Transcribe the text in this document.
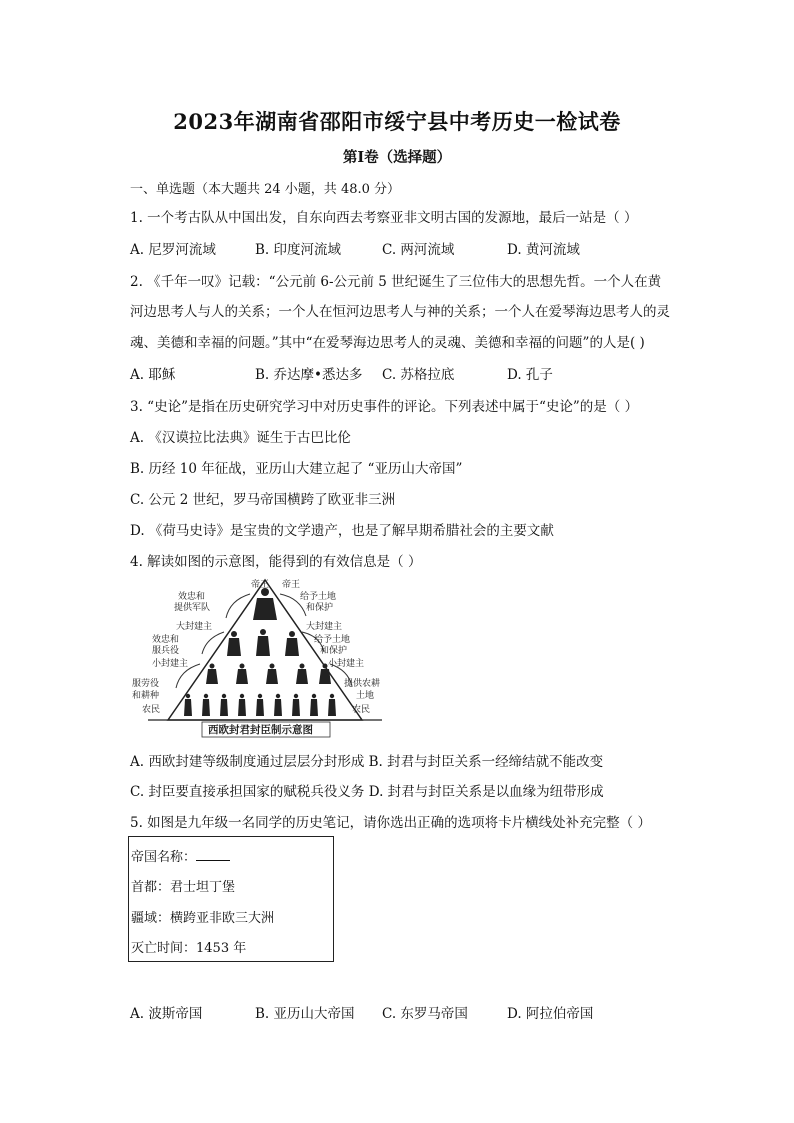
2023年湖南省邵阳市绥宁县中考历史一检试卷
第Ⅰ卷（选择题）
一、单选题（本大题共 24 小题，共 48.0 分）
1. 一个考古队从中国出发，自东向西去考察亚非文明古国的发源地，最后一站是（ ）
A. 尼罗河流域	B. 印度河流域	C. 两河流域	D. 黄河流域
2. 《千年一叹》记载：“公元前 6-公元前 5 世纪诞生了三位伟大的思想先哲。一个人在黄
河边思考人与人的关系；一个人在恒河边思考人与神的关系；一个人在爱琴海边思考人的灵
魂、美德和幸福的问题。”其中“在爱琴海边思考人的灵魂、美德和幸福的问题”的人是( )
A. 耶稣	B. 乔达摩•悉达多 C. 苏格拉底	D. 孔子
3. “史论”是指在历史研究学习中对历史事件的评论。下列表述中属于“史论”的是（ ）
A. 《汉谟拉比法典》诞生于古巴比伦
B. 历经 10 年征战，亚历山大建立起了 “亚历山大帝国”
C. 公元 2 世纪，罗马帝国横跨了欧亚非三洲
D. 《荷马史诗》是宝贵的文学遗产，也是了解早期希腊社会的主要文献
4. 解读如图的示意图，能得到的有效信息是（ ）
帝王 帝王
效忠和
提供军队
大封建主
效忠和
服兵役
小封建主
服劳役
和耕种
农民
给予土地
和保护
大封建主
给予土地
和保护
小封建主
提供农耕
土地
农民
西欧封君封臣制示意图
A. 西欧封建等级制度通过层层分封形成 B. 封君与封臣关系一经缔结就不能改变
C. 封臣要直接承担国家的赋税兵役义务 D. 封君与封臣关系是以血缘为纽带形成
5. 如图是九年级一名同学的历史笔记，请你选出正确的选项将卡片横线处补充完整（ ）
帝国名称：
首都：君士坦丁堡
疆域：横跨亚非欧三大洲
灭亡时间：1453 年
A. 波斯帝国	B. 亚历山大帝国 C. 东罗马帝国	D. 阿拉伯帝国
